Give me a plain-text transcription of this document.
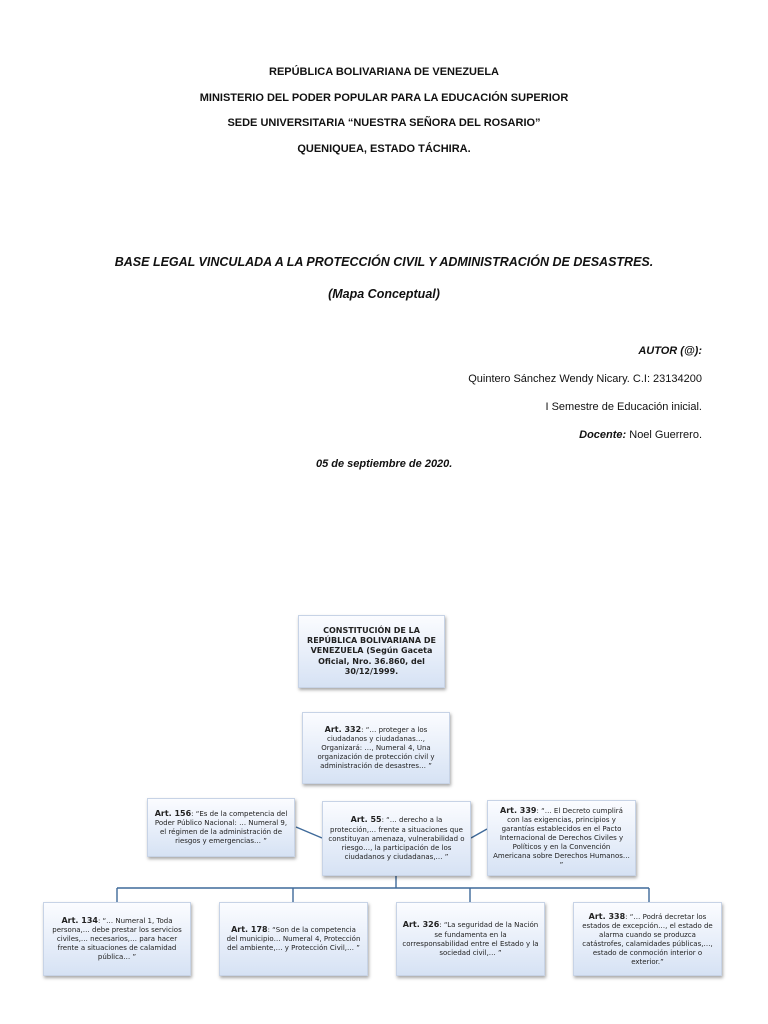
REPÚBLICA BOLIVARIANA DE VENEZUELA
MINISTERIO DEL PODER POPULAR PARA LA EDUCACIÓN SUPERIOR
SEDE UNIVERSITARIA “NUESTRA SEÑORA DEL ROSARIO”
QUENIQUEA, ESTADO TÁCHIRA.
BASE LEGAL VINCULADA A LA PROTECCIÓN CIVIL Y ADMINISTRACIÓN DE DESASTRES.
(Mapa Conceptual)
AUTOR (@):
Quintero Sánchez Wendy Nicary. C.I: 23134200
I Semestre de Educación inicial.
Docente: Noel Guerrero.
05 de septiembre de 2020.
CONSTITUCIÓN DE LA REPÚBLICA BOLIVARIANA DE VENEZUELA (Según Gaceta Oficial, Nro. 36.860, del 30/12/1999.
Art. 332: “… proteger a los ciudadanos y ciudadanas…, Organizará: …, Numeral 4, Una organización de protección civil y administración de desastres… ”
Art. 156: “Es de la competencia del Poder Público Nacional: … Numeral 9, el régimen de la administración de riesgos y emergencias… ”
Art. 55: “… derecho a la protección,… frente a situaciones que constituyan amenaza, vulnerabilidad o riesgo…, la participación de los ciudadanos y ciudadanas,… ”
Art. 339: “… El Decreto cumplirá con las exigencias, principios y garantías establecidos en el Pacto Internacional de Derechos Civiles y Políticos y en la Convención Americana sobre Derechos Humanos… ”
Art. 134: “… Numeral 1, Toda persona,… debe prestar los servicios civiles,… necesarios,… para hacer frente a situaciones de calamidad pública… ”
Art. 178: “Son de la competencia del municipio… Numeral 4, Protección del ambiente,… y Protección Civil,… ”
Art. 326: “La seguridad de la Nación se fundamenta en la corresponsabilidad entre el Estado y la sociedad civil,… ”
Art. 338: “… Podrá decretar los estados de excepción…, el estado de alarma cuando se produzca catástrofes, calamidades públicas,…, estado de conmoción interior o exterior.”
